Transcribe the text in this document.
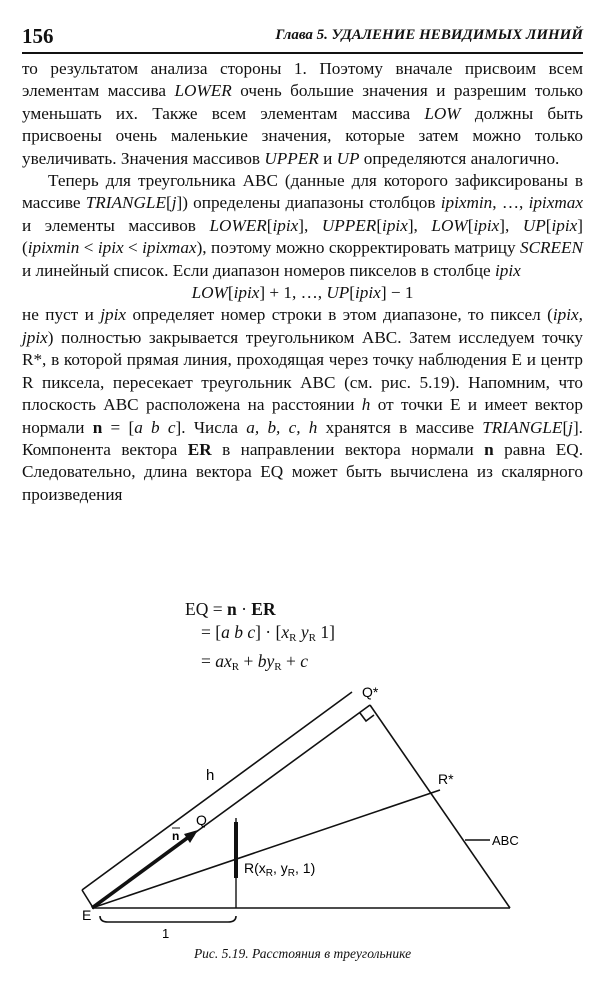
156	Глава 5. УДАЛЕНИЕ НЕВИДИМЫХ ЛИНИЙ

то результатом анализа стороны 1. Поэтому вначале присвоим всем элементам массива LOWER очень большие значения и разрешим только уменьшать их. Также всем элементам массива LOW должны быть присвоены очень маленькие значения, которые затем можно только увеличивать. Значения массивов UPPER и UP определяются аналогично.

Теперь для треугольника ABC (данные для которого зафиксированы в массиве TRIANGLE[j]) определены диапазоны столбцов ipixmin, …, ipixmax и элементы массивов LOWER[ipix], UPPER[ipix], LOW[ipix], UP[ipix] (ipixmin < ipix < ipixmax), поэтому можно скорректировать матрицу SCREEN и линейный список. Если диапазон номеров пикселов в столбце ipix

LOW[ipix] + 1, …, UP[ipix] − 1

не пуст и jpix определяет номер строки в этом диапазоне, то пиксел (ipix, jpix) полностью закрывается треугольником ABC. Затем исследуем точку R*, в которой прямая линия, проходящая через точку наблюдения E и центр R пиксела, пересекает треугольник ABC (см. рис. 5.19). Напомним, что плоскость ABC расположена на расстоянии h от точки E и имеет вектор нормали n = [a b c]. Числа a, b, c, h хранятся в массиве TRIANGLE[j]. Компонента вектора ER в направлении вектора нормали n равна EQ. Следовательно, длина вектора EQ может быть вычислена из скалярного произведения

EQ = n · ER
= [a b $c] \cdot [x_R$ $y_R$ 1]
= $ax_R + by_R + c$
h
Q*
R*
Q
n	ABC
$R(x_R$, $y_R$, 1)
E
1
Рис. 5.19. Расстояния в треугольнике
